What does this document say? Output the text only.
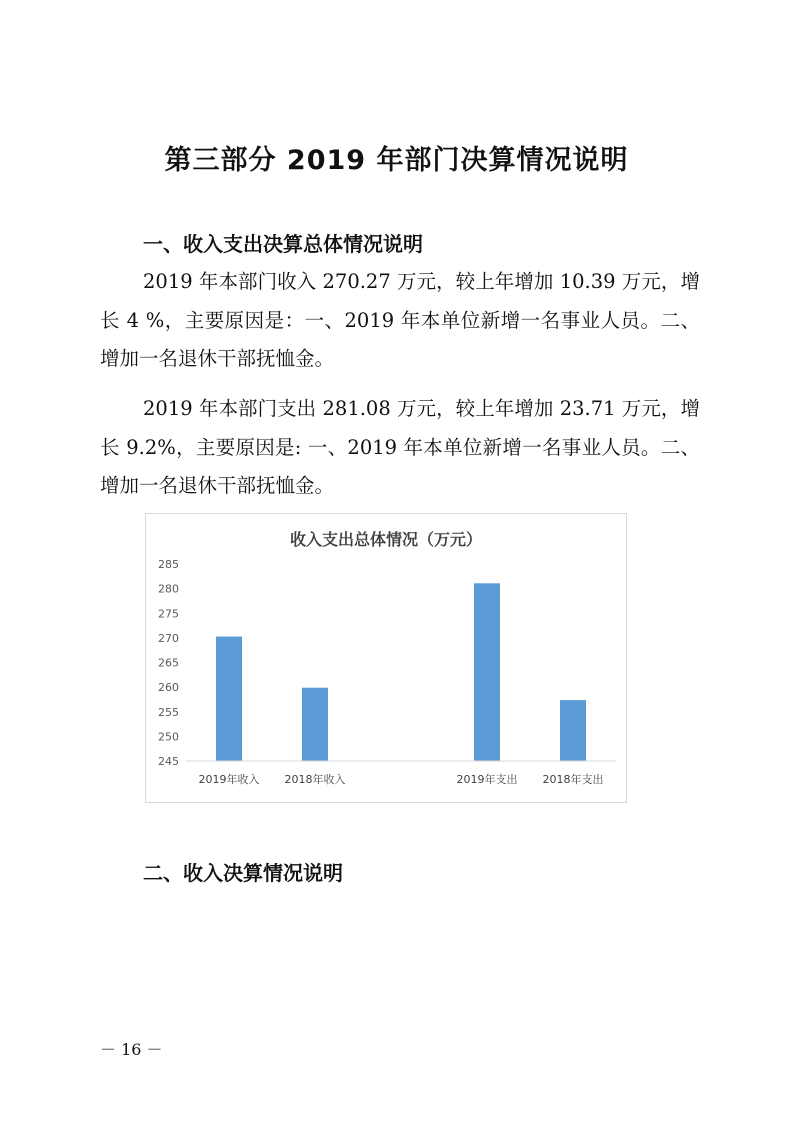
第三部分 2019 年部门决算情况说明
一、收入支出决算总体情况说明

2019 年本部门收入 270.27 万元，较上年增加 10.39 万元，增长 4 %，主要原因是：一、2019 年本单位新增一名事业人员。二、增加一名退休干部抚恤金。

2019 年本部门支出 281.08 万元，较上年增加 23.71 万元，增长 9.2%，主要原因是: 一、2019 年本单位新增一名事业人员。二、增加一名退休干部抚恤金。

收入支出总体情况（万元）
245
250
255
260
265
270
275
280
285
2019年收入 2018年收入	2019年支出 2018年支出
二、收入决算情况说明
－ 16 －
